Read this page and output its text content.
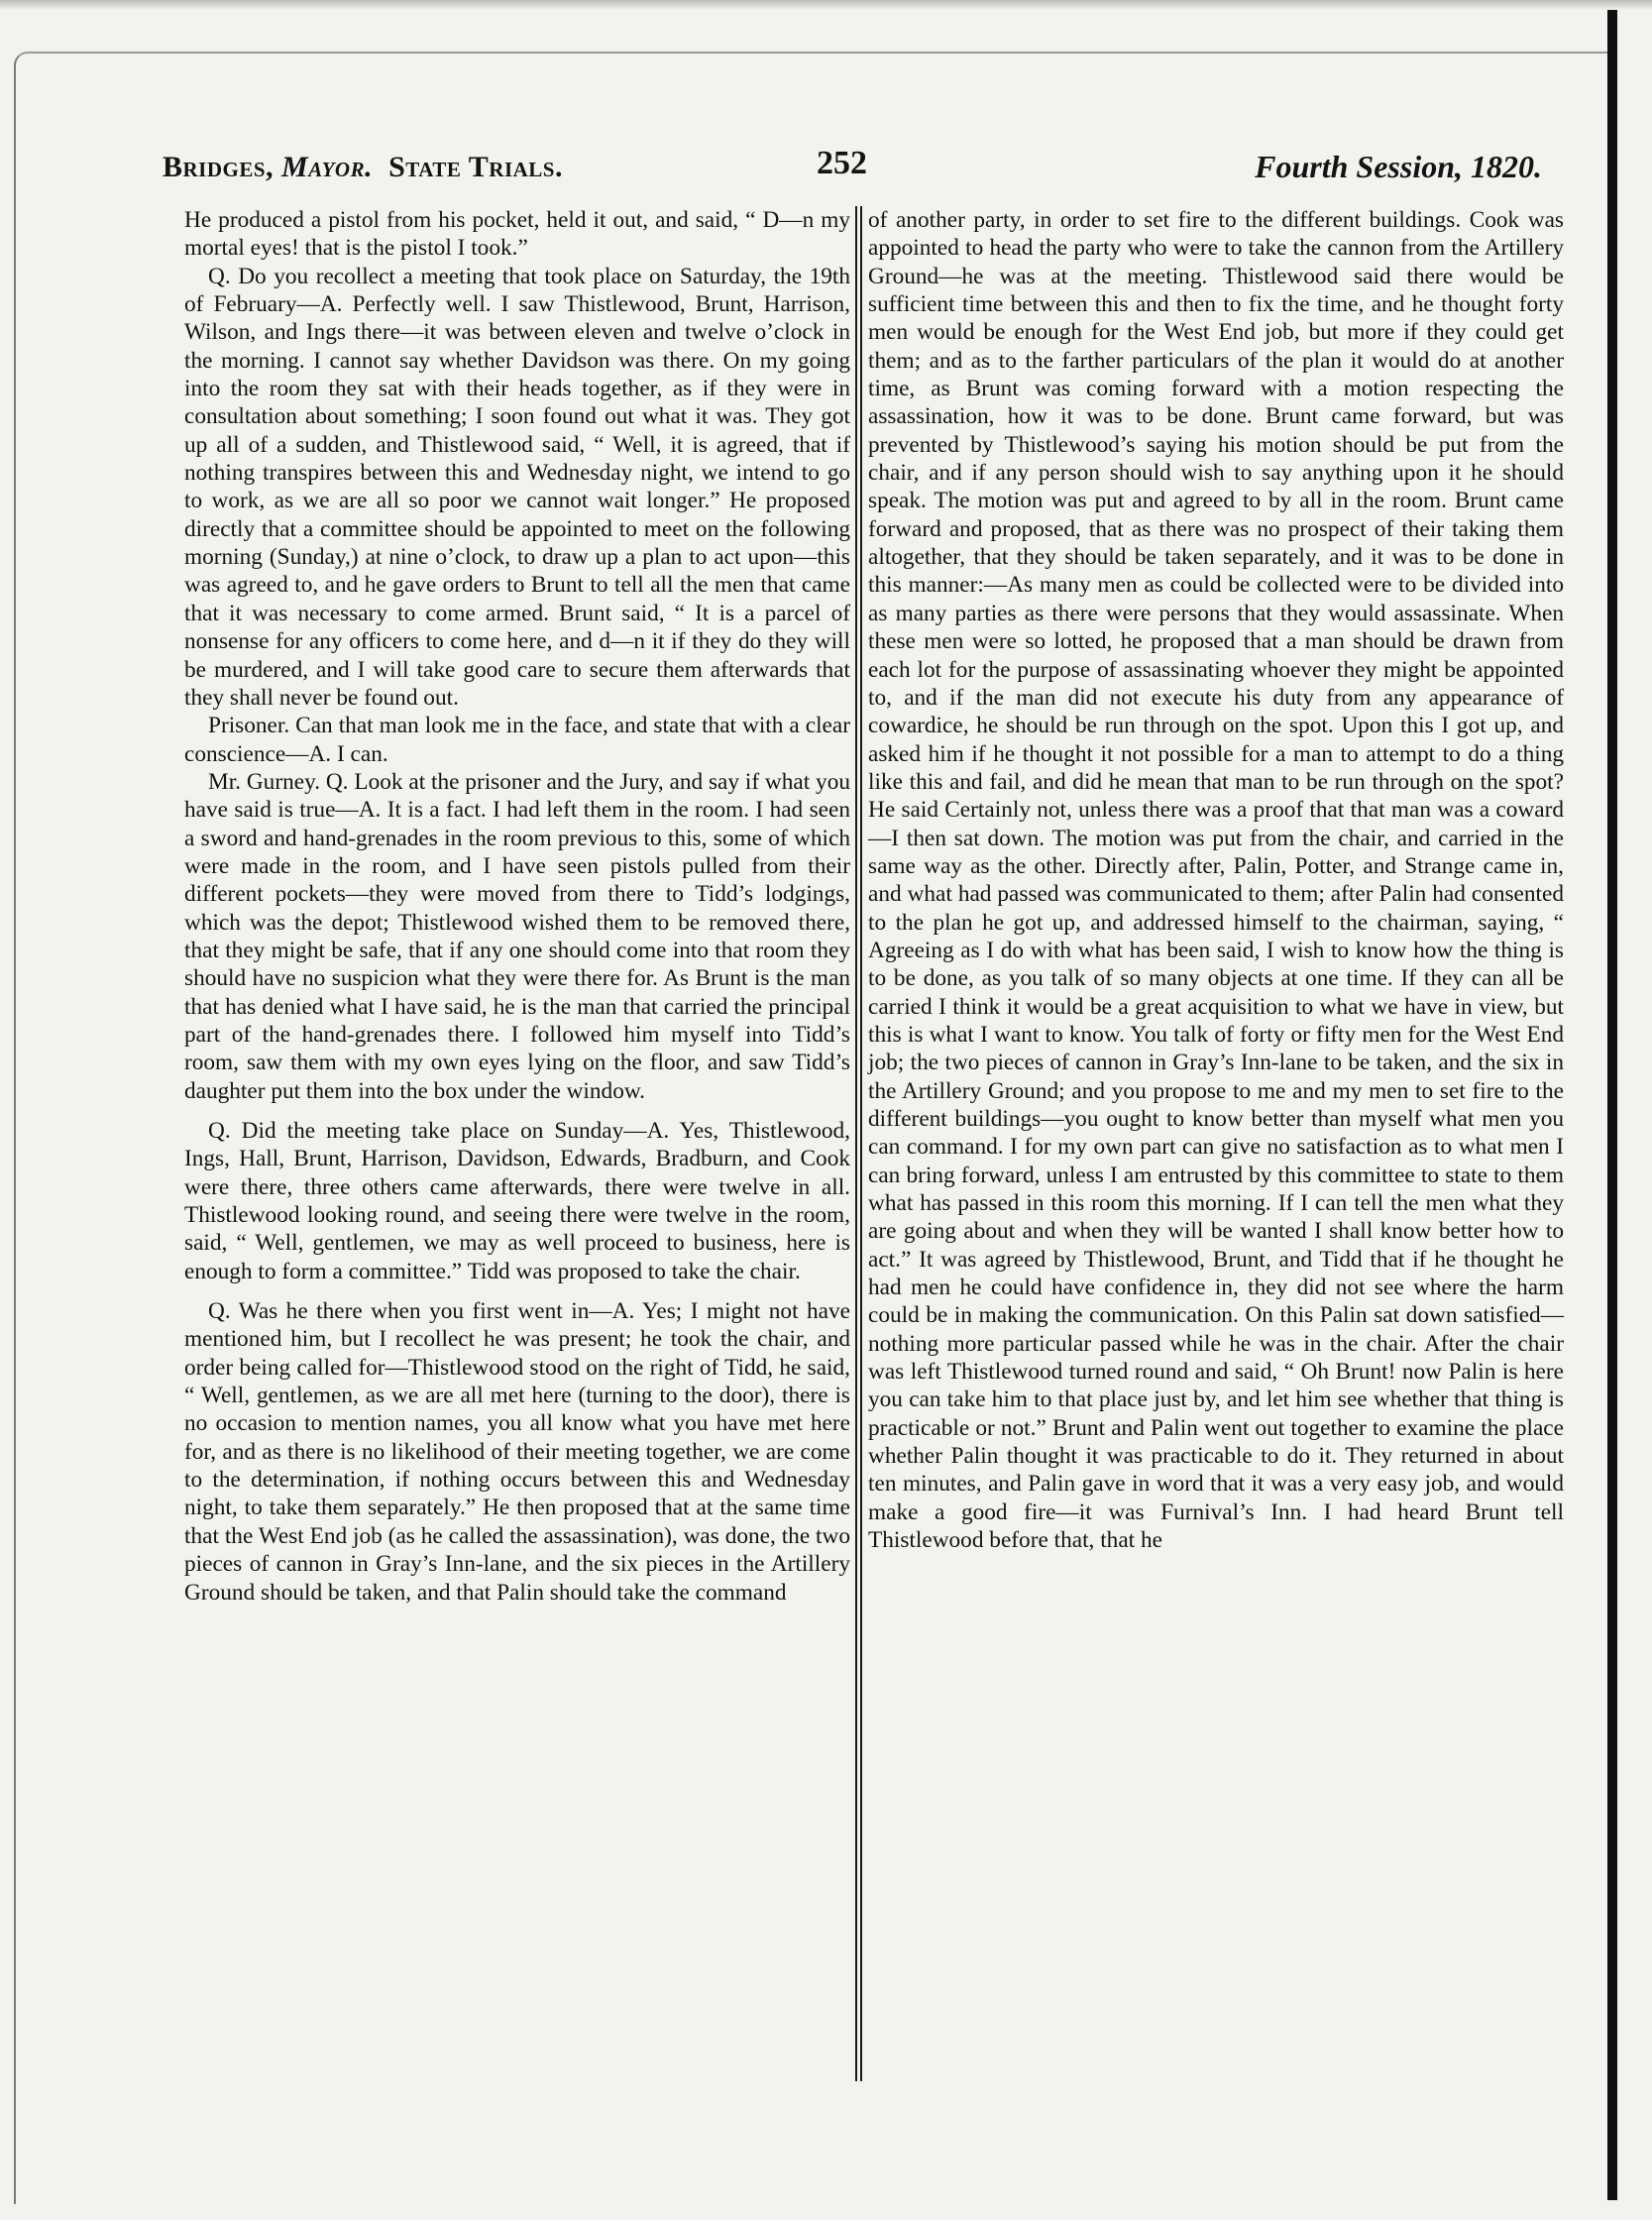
Bridges, Mayor. State Trials.	252	Fourth Session, 1820.

He produced a pistol from his pocket, held it out, and said, “ D—n my mortal eyes! that is the pistol I took.”

Q. Do you recollect a meeting that took place on Saturday, the 19th of February—A. Perfectly well. I saw Thistlewood, Brunt, Harrison, Wilson, and Ings there—it was between eleven and twelve o’clock in the morning. I cannot say whether Davidson was there. On my going into the room they sat with their heads together, as if they were in consultation about something; I soon found out what it was. They got up all of a sudden, and Thistlewood said, “ Well, it is agreed, that if nothing transpires between this and Wednesday night, we intend to go to work, as we are all so poor we cannot wait longer.” He proposed directly that a committee should be appointed to meet on the following morning (Sunday,) at nine o’clock, to draw up a plan to act upon—this was agreed to, and he gave orders to Brunt to tell all the men that came that it was necessary to come armed. Brunt said, “ It is a parcel of nonsense for any officers to come here, and d—n it if they do they will be murdered, and I will take good care to secure them afterwards that they shall never be found out.

Prisoner. Can that man look me in the face, and state that with a clear conscience—A. I can.

Mr. Gurney. Q. Look at the prisoner and the Jury, and say if what you have said is true—A. It is a fact. I had left them in the room. I had seen a sword and hand-grenades in the room previous to this, some of which were made in the room, and I have seen pistols pulled from their different pockets—they were moved from there to Tidd’s lodgings, which was the depot; Thistlewood wished them to be removed there, that they might be safe, that if any one should come into that room they should have no suspicion what they were there for. As Brunt is the man that has denied what I have said, he is the man that carried the principal part of the hand-grenades there. I followed him myself into Tidd’s room, saw them with my own eyes lying on the floor, and saw Tidd’s daughter put them into the box under the window.

Q. Did the meeting take place on Sunday—A. Yes, Thistlewood, Ings, Hall, Brunt, Harrison, Davidson, Edwards, Bradburn, and Cook were there, three others came afterwards, there were twelve in all. Thistlewood looking round, and seeing there were twelve in the room, said, “ Well, gentlemen, we may as well proceed to business, here is enough to form a committee.” Tidd was proposed to take the chair.

Q. Was he there when you first went in—A. Yes; I might not have mentioned him, but I recollect he was present; he took the chair, and order being called for—Thistlewood stood on the right of Tidd, he said, “ Well, gentlemen, as we are all met here (turning to the door), there is no occasion to mention names, you all know what you have met here for, and as there is no likelihood of their meeting together, we are come to the determination, if nothing occurs between this and Wednesday night, to take them separately.” He then proposed that at the same time that the West End job (as he called the assassination), was done, the two pieces of cannon in Gray’s Inn-lane, and the six pieces in the Artillery Ground should be taken, and that Palin should take the command

of another party, in order to set fire to the different buildings. Cook was appointed to head the party who were to take the cannon from the Artillery Ground—he was at the meeting. Thistlewood said there would be sufficient time between this and then to fix the time, and he thought forty men would be enough for the West End job, but more if they could get them; and as to the farther particulars of the plan it would do at another time, as Brunt was coming forward with a motion respecting the assassination, how it was to be done. Brunt came forward, but was prevented by Thistlewood’s saying his motion should be put from the chair, and if any person should wish to say anything upon it he should speak. The motion was put and agreed to by all in the room. Brunt came forward and proposed, that as there was no prospect of their taking them altogether, that they should be taken separately, and it was to be done in this manner:—As many men as could be collected were to be divided into as many parties as there were persons that they would assassinate. When these men were so lotted, he proposed that a man should be drawn from each lot for the purpose of assassinating whoever they might be appointed to, and if the man did not execute his duty from any appearance of cowardice, he should be run through on the spot. Upon this I got up, and asked him if he thought it not possible for a man to attempt to do a thing like this and fail, and did he mean that man to be run through on the spot? He said Certainly not, unless there was a proof that that man was a coward—I then sat down. The motion was put from the chair, and carried in the same way as the other. Directly after, Palin, Potter, and Strange came in, and what had passed was communicated to them; after Palin had consented to the plan he got up, and addressed himself to the chairman, saying, “ Agreeing as I do with what has been said, I wish to know how the thing is to be done, as you talk of so many objects at one time. If they can all be carried I think it would be a great acquisition to what we have in view, but this is what I want to know. You talk of forty or fifty men for the West End job; the two pieces of cannon in Gray’s Inn-lane to be taken, and the six in the Artillery Ground; and you propose to me and my men to set fire to the different buildings—you ought to know better than myself what men you can command. I for my own part can give no satisfaction as to what men I can bring forward, unless I am entrusted by this committee to state to them what has passed in this room this morning. If I can tell the men what they are going about and when they will be wanted I shall know better how to act.” It was agreed by Thistlewood, Brunt, and Tidd that if he thought he had men he could have confidence in, they did not see where the harm could be in making the communication. On this Palin sat down satisfied—nothing more particular passed while he was in the chair. After the chair was left Thistlewood turned round and said, “ Oh Brunt! now Palin is here you can take him to that place just by, and let him see whether that thing is practicable or not.” Brunt and Palin went out together to examine the place whether Palin thought it was practicable to do it. They returned in about ten minutes, and Palin gave in word that it was a very easy job, and would make a good fire—it was Furnival’s Inn. I had heard Brunt tell Thistlewood before that, that he
